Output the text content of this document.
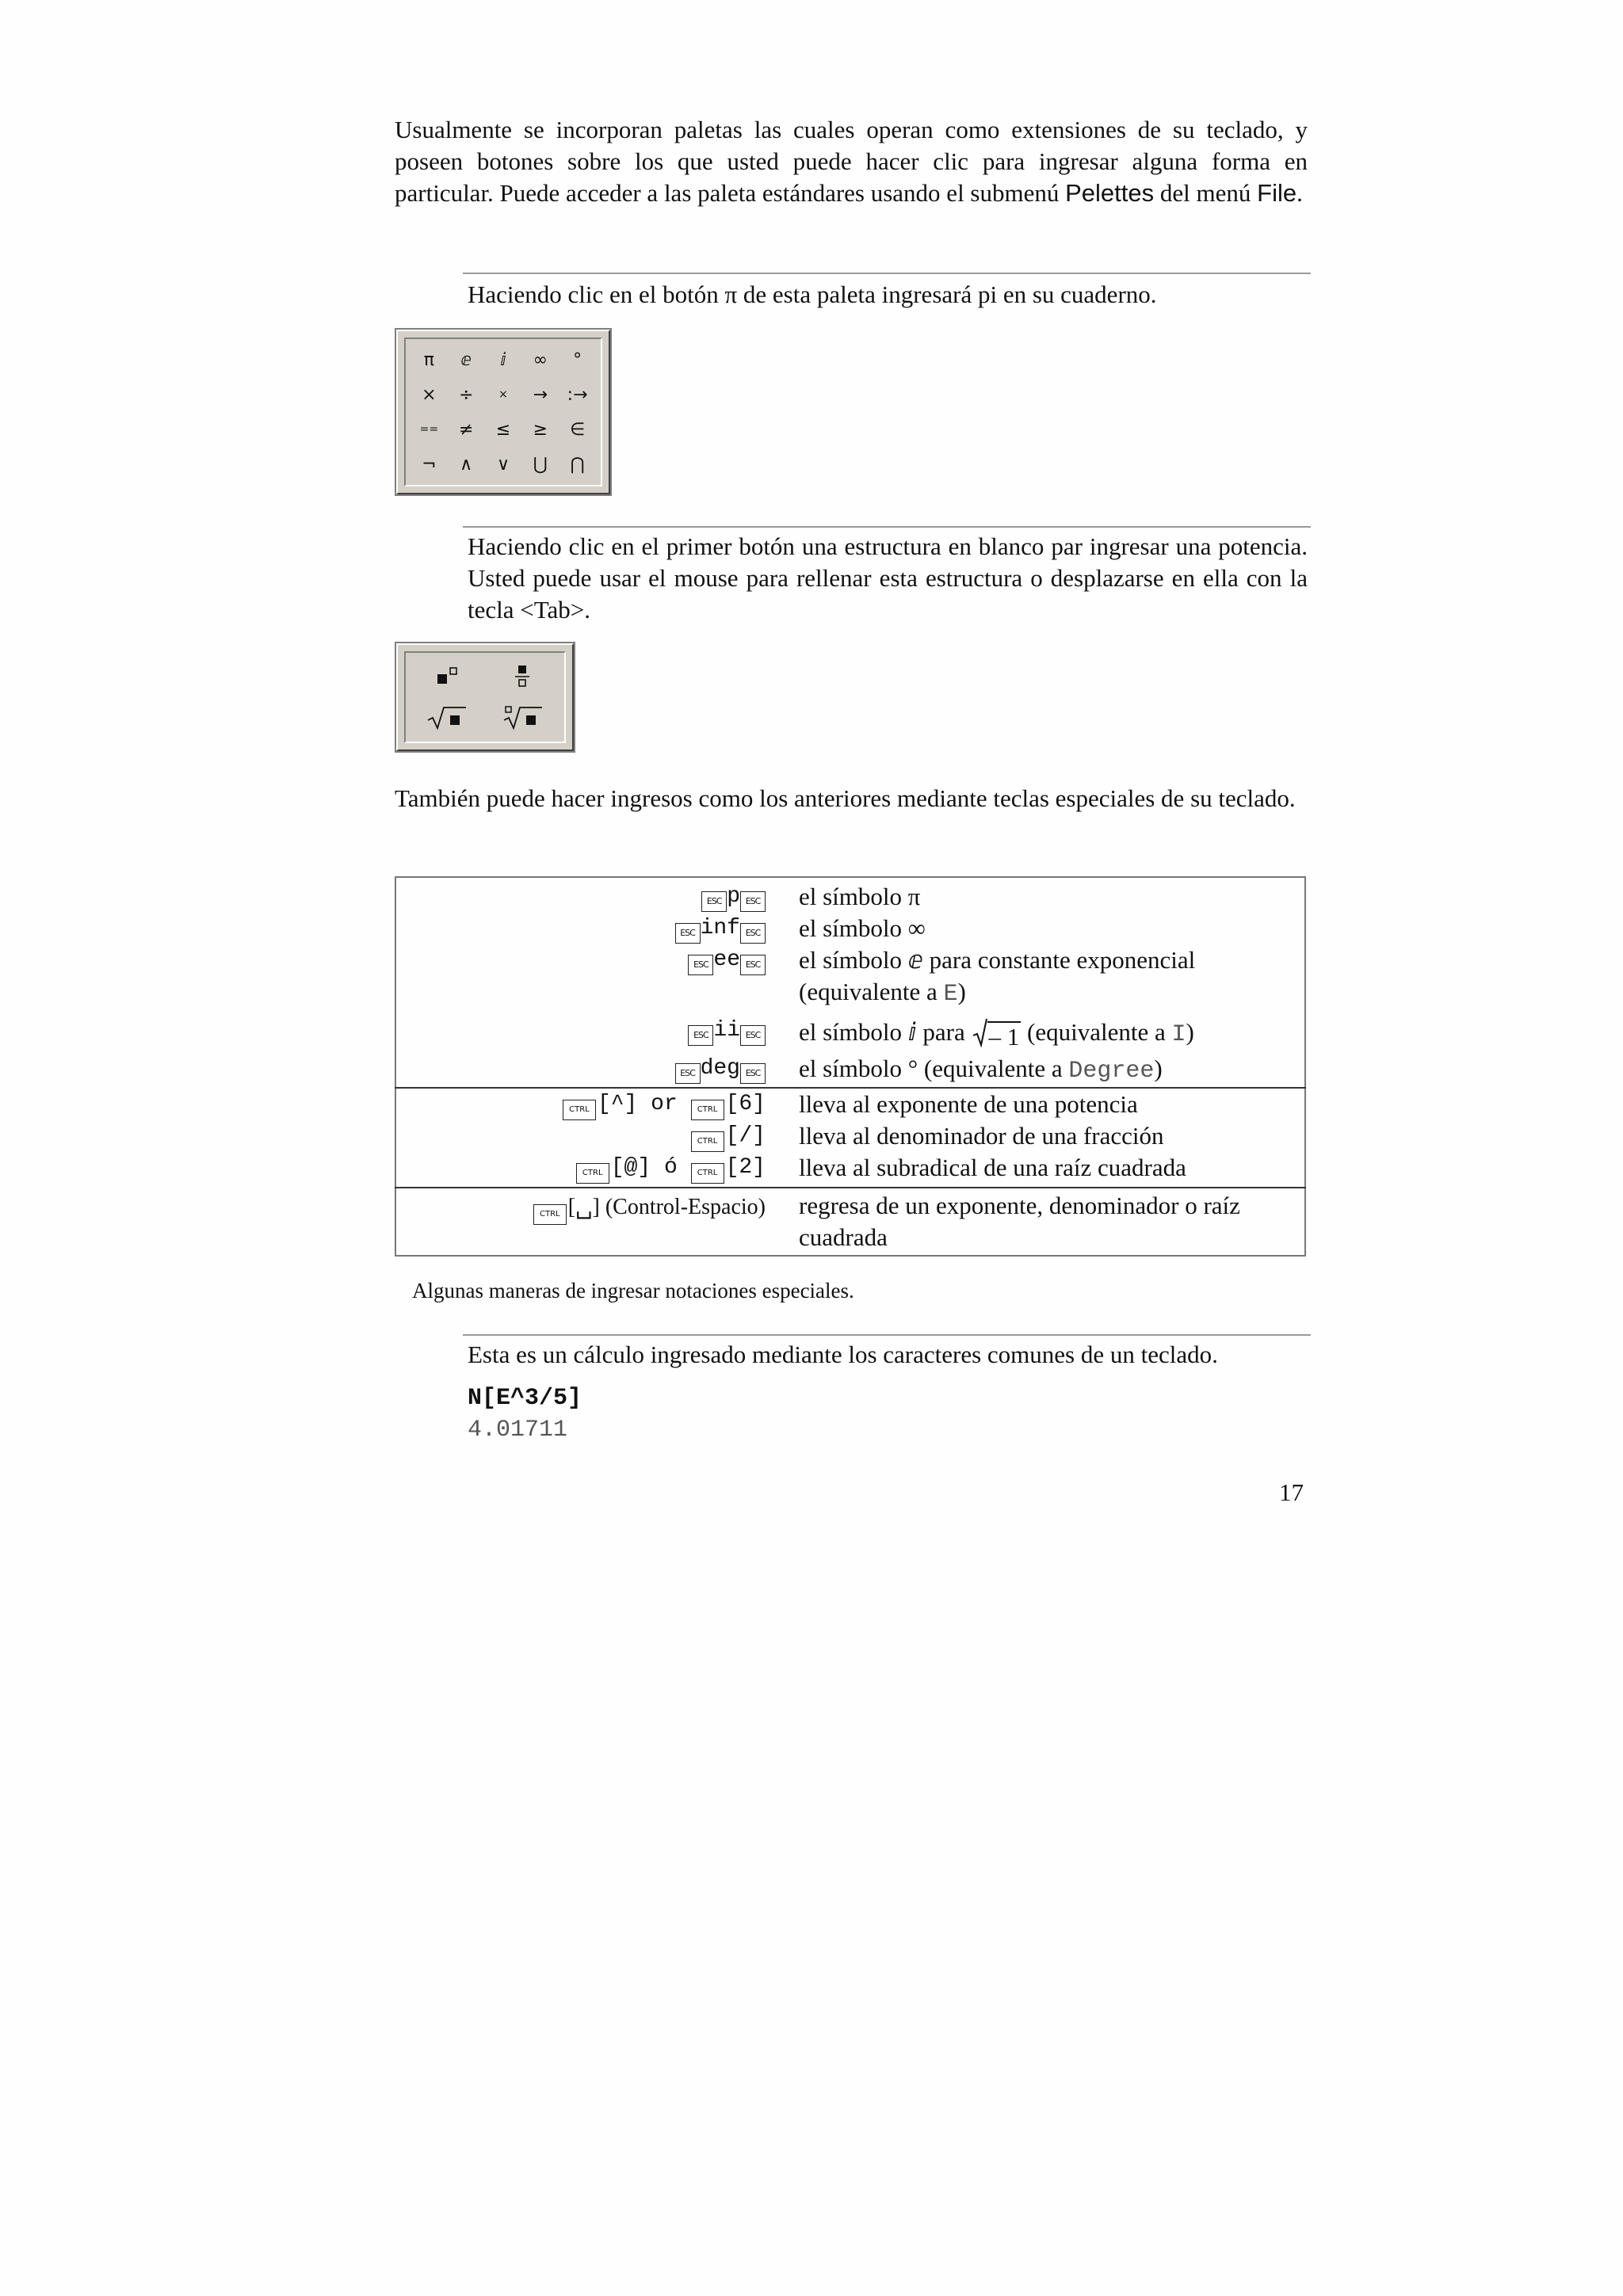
Usualmente se incorporan paletas las cuales operan como extensiones de su teclado, y poseen botones sobre los que usted puede hacer clic para ingresar alguna forma en particular. Puede acceder a las paleta estándares usando el submenú Pelettes del menú File.

Haciendo clic en el botón π de esta paleta ingresará pi en su cuaderno.

π	ⅇ	ⅈ	∞	°
×	÷	×	→	:→
==	≠	≤	≥	∈
¬	∧	∨	⋃	⋂

Haciendo clic en el primer botón una estructura en blanco par ingresar una potencia. Usted puede usar el mouse para rellenar esta estructura o desplazarse en ella con la tecla <Tab>.

También puede hacer ingresos como los anteriores mediante teclas especiales de su teclado.

ESC p ESC	el símbolo π
ESC inf ESC	el símbolo ∞
ESC ee ESC	el símbolo ⅇ para constante exponencial (equivalente a E)
ESC ii ESC	el símbolo ⅈ para – 1 (equivalente a I)
ESC deg ESC	el símbolo ° (equivalente a Degree)
CTRL [^] or CTRL [6]	lleva al exponente de una potencia
CTRL [/]	lleva al denominador de una fracción
CTRL [@] ó CTRL [2]	lleva al subradical de una raíz cuadrada
CTRL [␣] (Control-Espacio)	regresa de un exponente, denominador o raíz cuadrada
Algunas maneras de ingresar notaciones especiales.

Esta es un cálculo ingresado mediante los caracteres comunes de un teclado.

N[E^3/5]
4.01711
17
